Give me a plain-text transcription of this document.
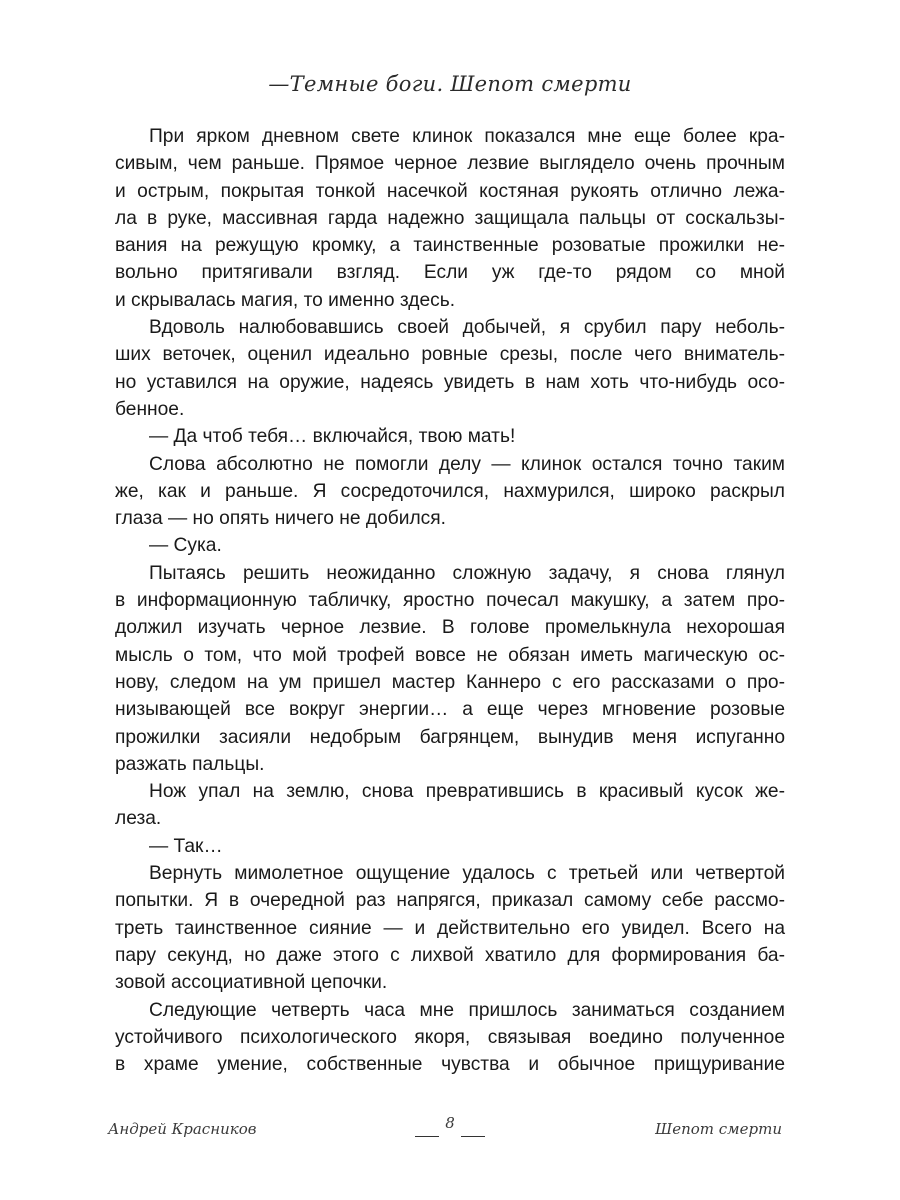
—Темные боги. Шепот смерти
При ярком дневном свете клинок показался мне еще более кра-
сивым, чем раньше. Прямое черное лезвие выглядело очень прочным
и острым, покрытая тонкой насечкой костяная рукоять отлично лежа-
ла в руке, массивная гарда надежно защищала пальцы от соскальзы-
вания на режущую кромку, а таинственные розоватые прожилки не-
вольно притягивали взгляд. Если уж где-то рядом со мной
и скрывалась магия, то именно здесь.
Вдоволь налюбовавшись своей добычей, я срубил пару неболь-
ших веточек, оценил идеально ровные срезы, после чего вниматель-
но уставился на оружие, надеясь увидеть в нам хоть что-нибудь осо-
бенное.
— Да чтоб тебя… включайся, твою мать!
Слова абсолютно не помогли делу — клинок остался точно таким
же, как и раньше. Я сосредоточился, нахмурился, широко раскрыл
глаза — но опять ничего не добился.
— Сука.
Пытаясь решить неожиданно сложную задачу, я снова глянул
в информационную табличку, яростно почесал макушку, а затем про-
должил изучать черное лезвие. В голове промелькнула нехорошая
мысль о том, что мой трофей вовсе не обязан иметь магическую ос-
нову, следом на ум пришел мастер Каннеро с его рассказами о про-
низывающей все вокруг энергии… а еще через мгновение розовые
прожилки засияли недобрым багрянцем, вынудив меня испуганно
разжать пальцы.
Нож упал на землю, снова превратившись в красивый кусок же-
леза.
— Так…
Вернуть мимолетное ощущение удалось с третьей или четвертой
попытки. Я в очередной раз напрягся, приказал самому себе рассмо-
треть таинственное сияние — и действительно его увидел. Всего на
пару секунд, но даже этого с лихвой хватило для формирования ба-
зовой ассоциативной цепочки.
Следующие четверть часа мне пришлось заниматься созданием
устойчивого психологического якоря, связывая воедино полученное
в храме умение, собственные чувства и обычное прищуривание
Андрей Красников	8	Шепот смерти
